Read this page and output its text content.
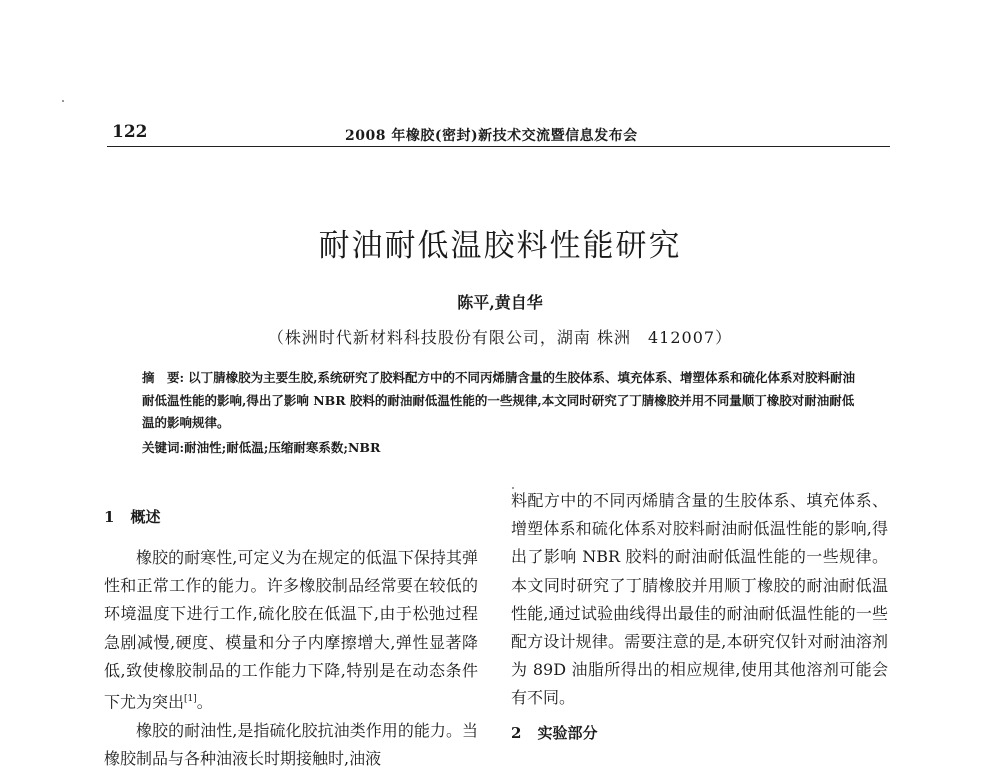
122	2008 年橡胶(密封)新技术交流暨信息发布会
耐油耐低温胶料性能研究
陈平,黄自华
（株洲时代新材料科技股份有限公司，湖南 株洲　412007）
摘　要: 以丁腈橡胶为主要生胶,系统研究了胶料配方中的不同丙烯腈含量的生胶体系、填充体系、增塑体系和硫化体系对胶料耐油耐低温性能的影响,得出了影响 NBR 胶料的耐油耐低温性能的一些规律,本文同时研究了丁腈橡胶并用不同量顺丁橡胶对耐油耐低温的影响规律。
关键词:耐油性;耐低温;压缩耐寒系数;NBR
1 概述

橡胶的耐寒性,可定义为在规定的低温下保持其弹性和正常工作的能力。许多橡胶制品经常要在较低的环境温度下进行工作,硫化胶在低温下,由于松弛过程急剧减慢,硬度、模量和分子内摩擦增大,弹性显著降低,致使橡胶制品的工作能力下降,特别是在动态条件下尤为突出[1]。

橡胶的耐油性,是指硫化胶抗油类作用的能力。当橡胶制品与各种油液长时期接触时,油液

料配方中的不同丙烯腈含量的生胶体系、填充体系、增塑体系和硫化体系对胶料耐油耐低温性能的影响,得出了影响 NBR 胶料的耐油耐低温性能的一些规律。本文同时研究了丁腈橡胶并用顺丁橡胶的耐油耐低温性能,通过试验曲线得出最佳的耐油耐低温性能的一些配方设计规律。需要注意的是,本研究仅针对耐油溶剂为 89D 油脂所得出的相应规律,使用其他溶剂可能会有不同。

2 实验部分
